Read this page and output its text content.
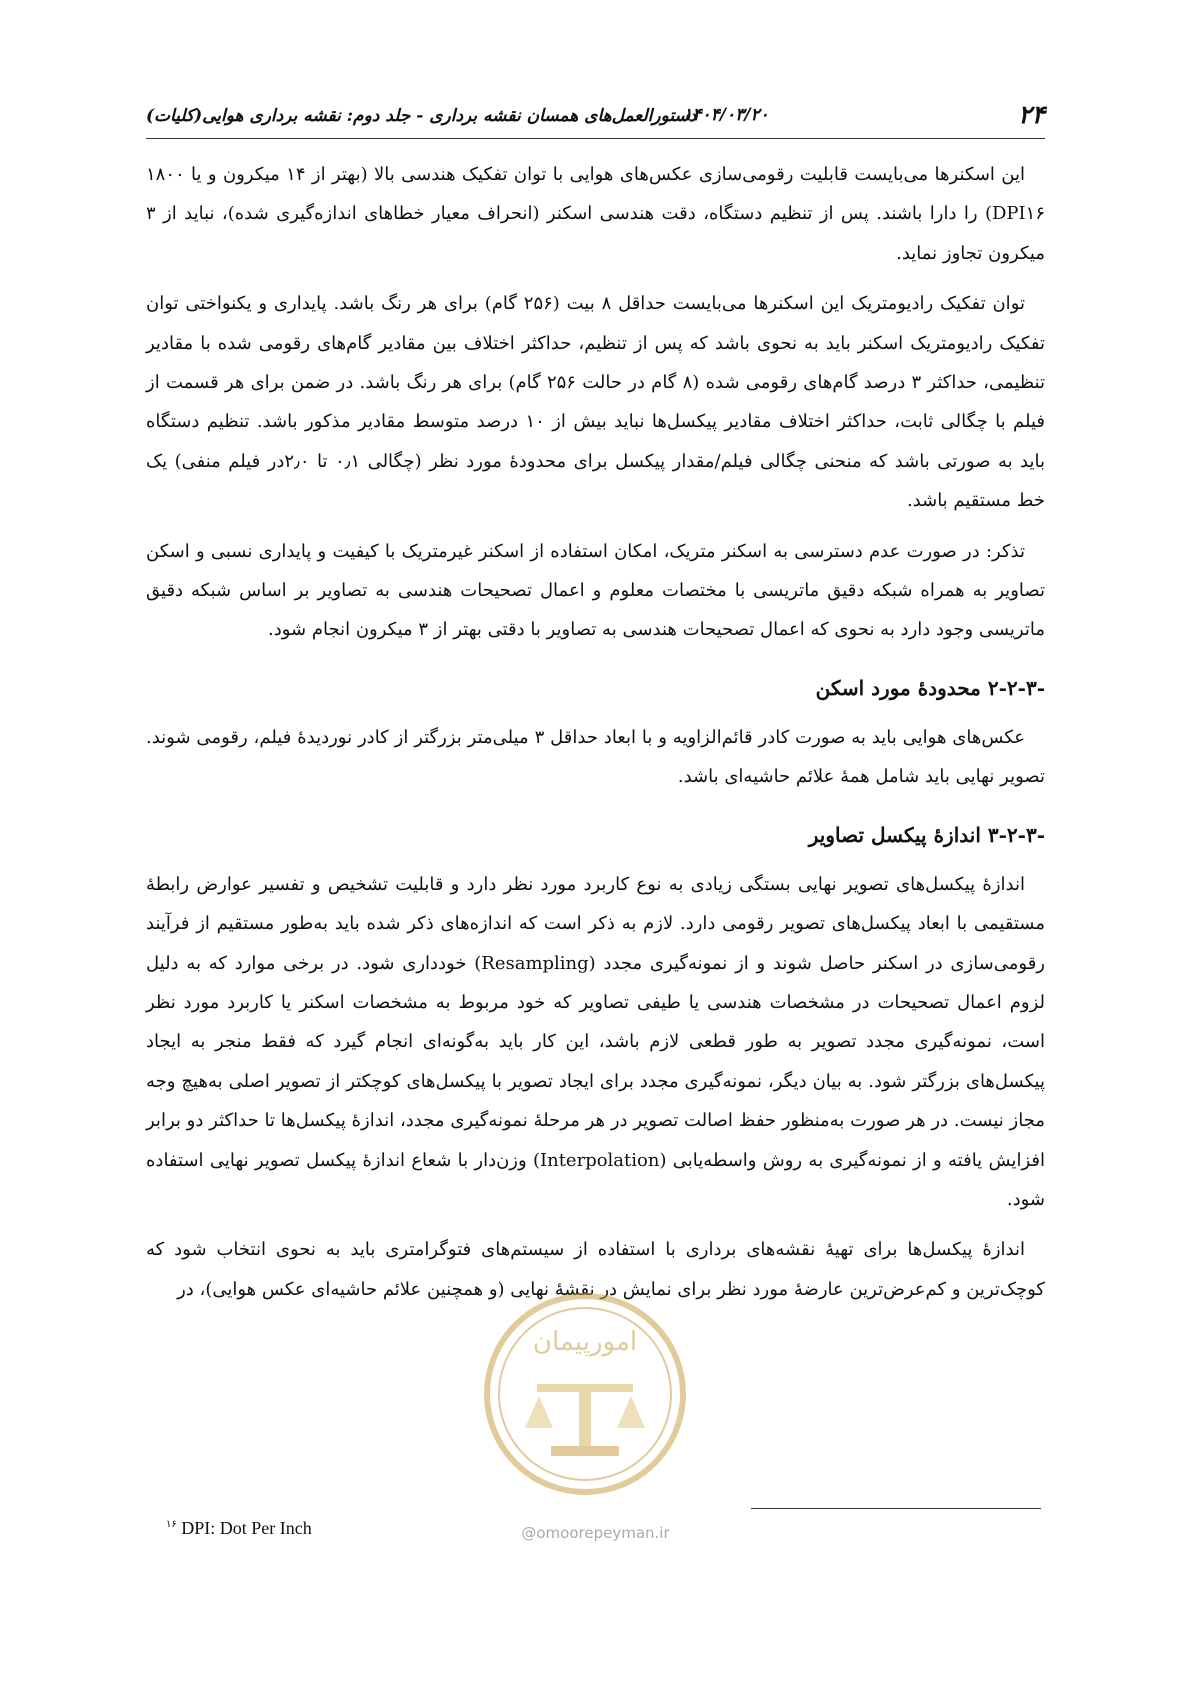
۲۴
۱۴۰۴/۰۳/۲۰
دستورالعمل‌های همسان نقشه برداری - جلد دوم: نقشه برداری هوایی(کلیات)

این اسکنرها می‌بایست قابلیت رقومی‌سازی عکس‌های هوایی با توان تفکیک هندسی بالا (بهتر از ۱۴ میکرون و یا ۱۸۰۰ DPI۱۶) را دارا باشند. پس از تنظیم دستگاه، دقت هندسی اسکنر (انحراف معیار خطاهای اندازه‌گیری شده)، نباید از ۳ میکرون تجاوز نماید.

توان تفکیک رادیومتریک این اسکنرها می‌بایست حداقل ۸ بیت (۲۵۶ گام) برای هر رنگ باشد. پایداری و یکنواختی توان تفکیک رادیومتریک اسکنر باید به نحوی باشد که پس از تنظیم، حداکثر اختلاف بین مقادیر گام‌های رقومی شده با مقادیر تنظیمی، حداکثر ۳ درصد گام‌های رقومی شده (۸ گام در حالت ۲۵۶ گام) برای هر رنگ باشد. در ضمن برای هر قسمت از فیلم با چگالی ثابت، حداکثر اختلاف مقادیر پیکسل‌ها نباید بیش از ۱۰ درصد متوسط مقادیر مذکور باشد. تنظیم دستگاه باید به صورتی باشد که منحنی چگالی فیلم/مقدار پیکسل برای محدودۀ مورد نظر (چگالی ۰٫۱ تا ۲٫۰در فیلم منفی) یک خط مستقیم باشد.

تذکر: در صورت عدم دسترسی به اسکنر متریک، امکان استفاده از اسکنر غیرمتریک با کیفیت و پایداری نسبی و اسکن تصاویر به همراه شبکه دقیق ماتریسی با مختصات معلوم و اعمال تصحیحات هندسی به تصاویر بر اساس شبکه دقیق ماتریسی وجود دارد به نحوی که اعمال تصحیحات هندسی به تصاویر با دقتی بهتر از ۳ میکرون انجام شود.

۲-۲-۳- محدودۀ مورد اسکن

عکس‌های هوایی باید به صورت کادر قائم‌الزاویه و با ابعاد حداقل ۳ میلی‌متر بزرگتر از کادر نوردیدۀ فیلم، رقومی شوند. تصویر نهایی باید شامل همۀ علائم حاشیه‌ای باشد.

۳-۲-۳- اندازۀ پیکسل تصاویر

اندازۀ پیکسل‌های تصویر نهایی بستگی زیادی به نوع کاربرد مورد نظر دارد و قابلیت تشخیص و تفسیر عوارض رابطۀ مستقیمی با ابعاد پیکسل‌های تصویر رقومی دارد. لازم به ذکر است که اندازه‌های ذکر شده باید به‌طور مستقیم از فرآیند رقومی‌سازی در اسکنر حاصل شوند و از نمونه‌گیری مجدد (Resampling) خودداری شود. در برخی موارد که به دلیل لزوم اعمال تصحیحات در مشخصات هندسی یا طیفی تصاویر که خود مربوط به مشخصات اسکنر یا کاربرد مورد نظر است، نمونه‌گیری مجدد تصویر به طور قطعی لازم باشد، این کار باید به‌گونه‌ای انجام گیرد که فقط منجر به ایجاد پیکسل‌های بزرگتر شود. به بیان دیگر، نمونه‌گیری مجدد برای ایجاد تصویر با پیکسل‌های کوچکتر از تصویر اصلی به‌هیچ وجه مجاز نیست. در هر صورت به‌منظور حفظ اصالت تصویر در هر مرحلۀ نمونه‌گیری مجدد، اندازۀ پیکسل‌ها تا حداکثر دو برابر افزایش یافته و از نمونه‌گیری به روش واسطه‌یابی (Interpolation) وزن‌دار با شعاع اندازۀ پیکسل تصویر نهایی استفاده شود.

اندازۀ پیکسل‌ها برای تهیۀ نقشه‌های برداری با استفاده از سیستم‌های فتوگرامتری باید به نحوی انتخاب شود که کوچک‌ترین و کم‌عرض‌ترین عارضۀ مورد نظر برای نمایش در نقشۀ نهایی (و همچنین علائم حاشیه‌ای عکس هوایی)، در

امورپیمان
@omoorepeyman.ir
$^{۱۶}$ DPI: Dot Per Inch
